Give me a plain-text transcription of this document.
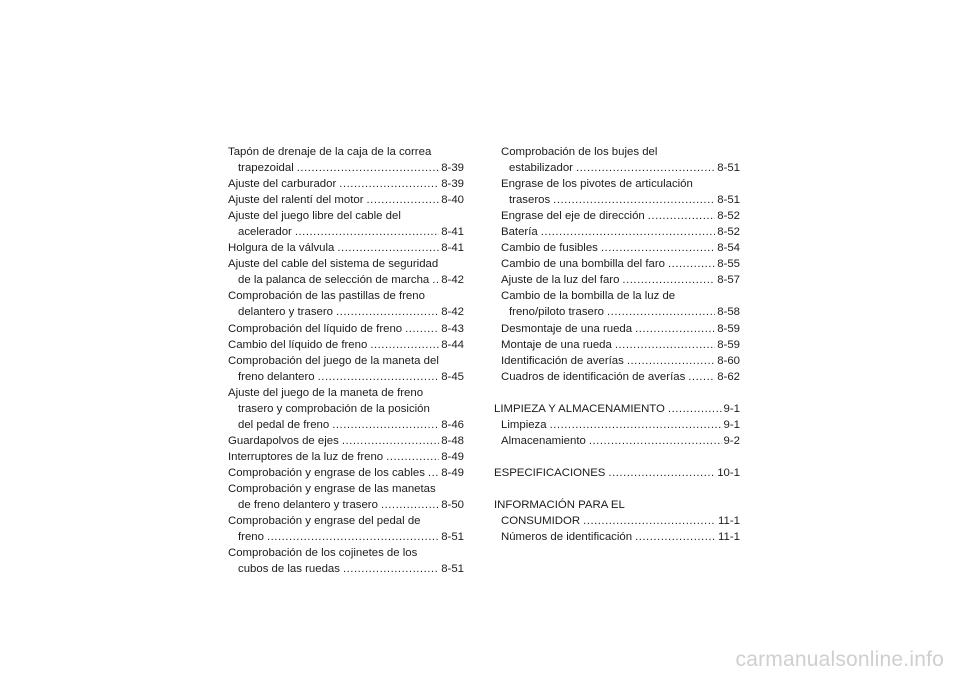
Tapón de drenaje de la caja de la correa
trapezoidal .....	8-39
Ajuste del carburador .....	8-39
Ajuste del ralentí del motor .....	8-40
Ajuste del juego libre del cable del
acelerador .....	8-41
Holgura de la válvula .....	8-41
Ajuste del cable del sistema de seguridad
de la palanca de selección de marcha ..... 8-42
Comprobación de las pastillas de freno
delantero y trasero .....	8-42
Comprobación del líquido de freno .....	8-43
Cambio del líquido de freno .....	8-44
Comprobación del juego de la maneta del
freno delantero .....	8-45
Ajuste del juego de la maneta de freno
trasero y comprobación de la posición
del pedal de freno .....	8-46
Guardapolvos de ejes .....	8-48
Interruptores de la luz de freno .....	8-49
Comprobación y engrase de los cables ..... 8-49
Comprobación y engrase de las manetas
de freno delantero y trasero .....	8-50
Comprobación y engrase del pedal de
freno .....	8-51
Comprobación de los cojinetes de los
cubos de las ruedas .....	8-51
Comprobación de los bujes del
estabilizador .....	8-51
Engrase de los pivotes de articulación
traseros .....	8-51
Engrase del eje de dirección .....	8-52
Batería .....	8-52
Cambio de fusibles .....	8-54
Cambio de una bombilla del faro .....	8-55
Ajuste de la luz del faro .....	8-57
Cambio de la bombilla de la luz de
freno/piloto trasero .....	8-58
Desmontaje de una rueda .....	8-59
Montaje de una rueda .....	8-59
Identificación de averías .....	8-60
Cuadros de identificación de averías .....	8-62
LIMPIEZA Y ALMACENAMIENTO .....	9-1
Limpieza .....	9-1
Almacenamiento .....	9-2
ESPECIFICACIONES .....	10-1
INFORMACIÓN PARA EL
CONSUMIDOR .....	11-1
Números de identificación .....	11-1
carmanualsonline.info
